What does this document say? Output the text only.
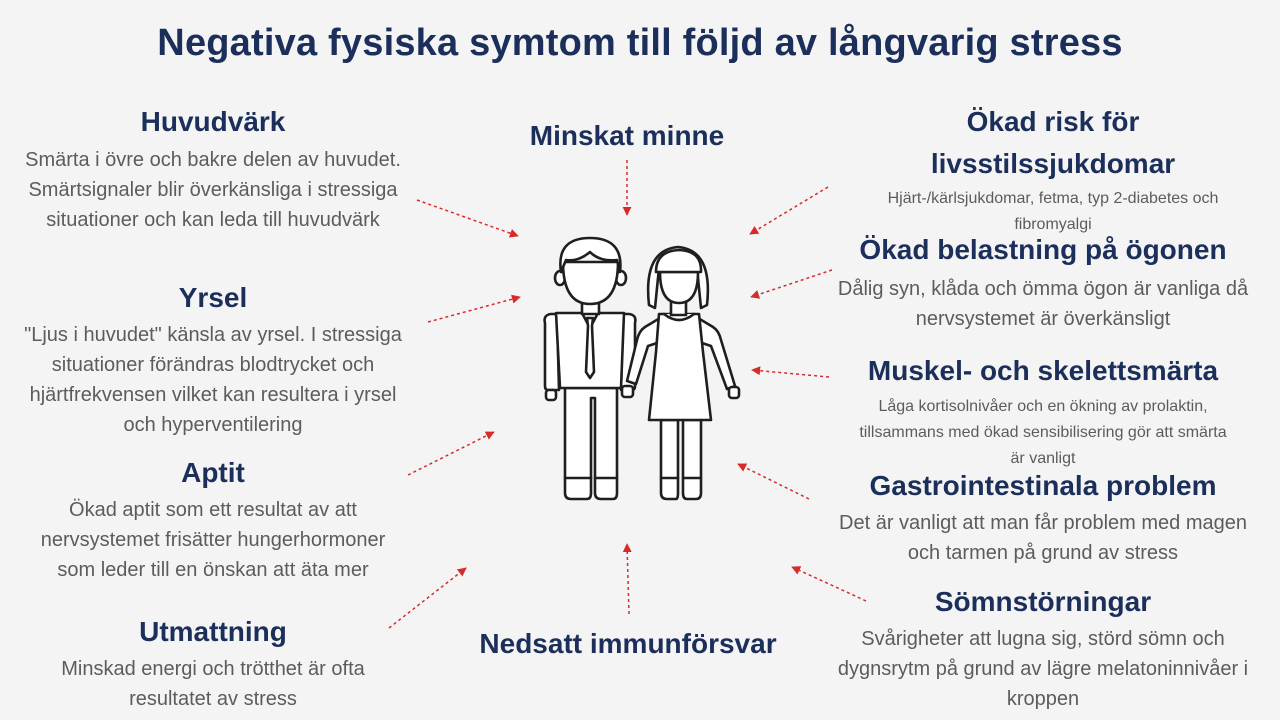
Negativa fysiska symtom till följd av långvarig stress
Huvudvärk
Smärta i övre och bakre delen av huvudet.
Smärtsignaler blir överkänsliga i stressiga
situationer och kan leda till huvudvärk
Yrsel
"Ljus i huvudet" känsla av yrsel. I stressiga
situationer förändras blodtrycket och
hjärtfrekvensen vilket kan resultera i yrsel
och hyperventilering
Aptit
Ökad aptit som ett resultat av att
nervsystemet frisätter hungerhormoner
som leder till en önskan att äta mer
Utmattning
Minskad energi och trötthet är ofta
resultatet av stress
Minskat minne
Nedsatt immunförsvar
Ökad risk för
livsstilssjukdomar
Hjärt-/kärlsjukdomar, fetma, typ 2-diabetes och
fibromyalgi
Ökad belastning på ögonen
Dålig syn, klåda och ömma ögon är vanliga då
nervsystemet är överkänsligt
Muskel- och skelettsmärta
Låga kortisolnivåer och en ökning av prolaktin,
tillsammans med ökad sensibilisering gör att smärta
är vanligt
Gastrointestinala problem
Det är vanligt att man får problem med magen
och tarmen på grund av stress
Sömnstörningar
Svårigheter att lugna sig, störd sömn och
dygnsrytm på grund av lägre melatoninnivåer i
kroppen
